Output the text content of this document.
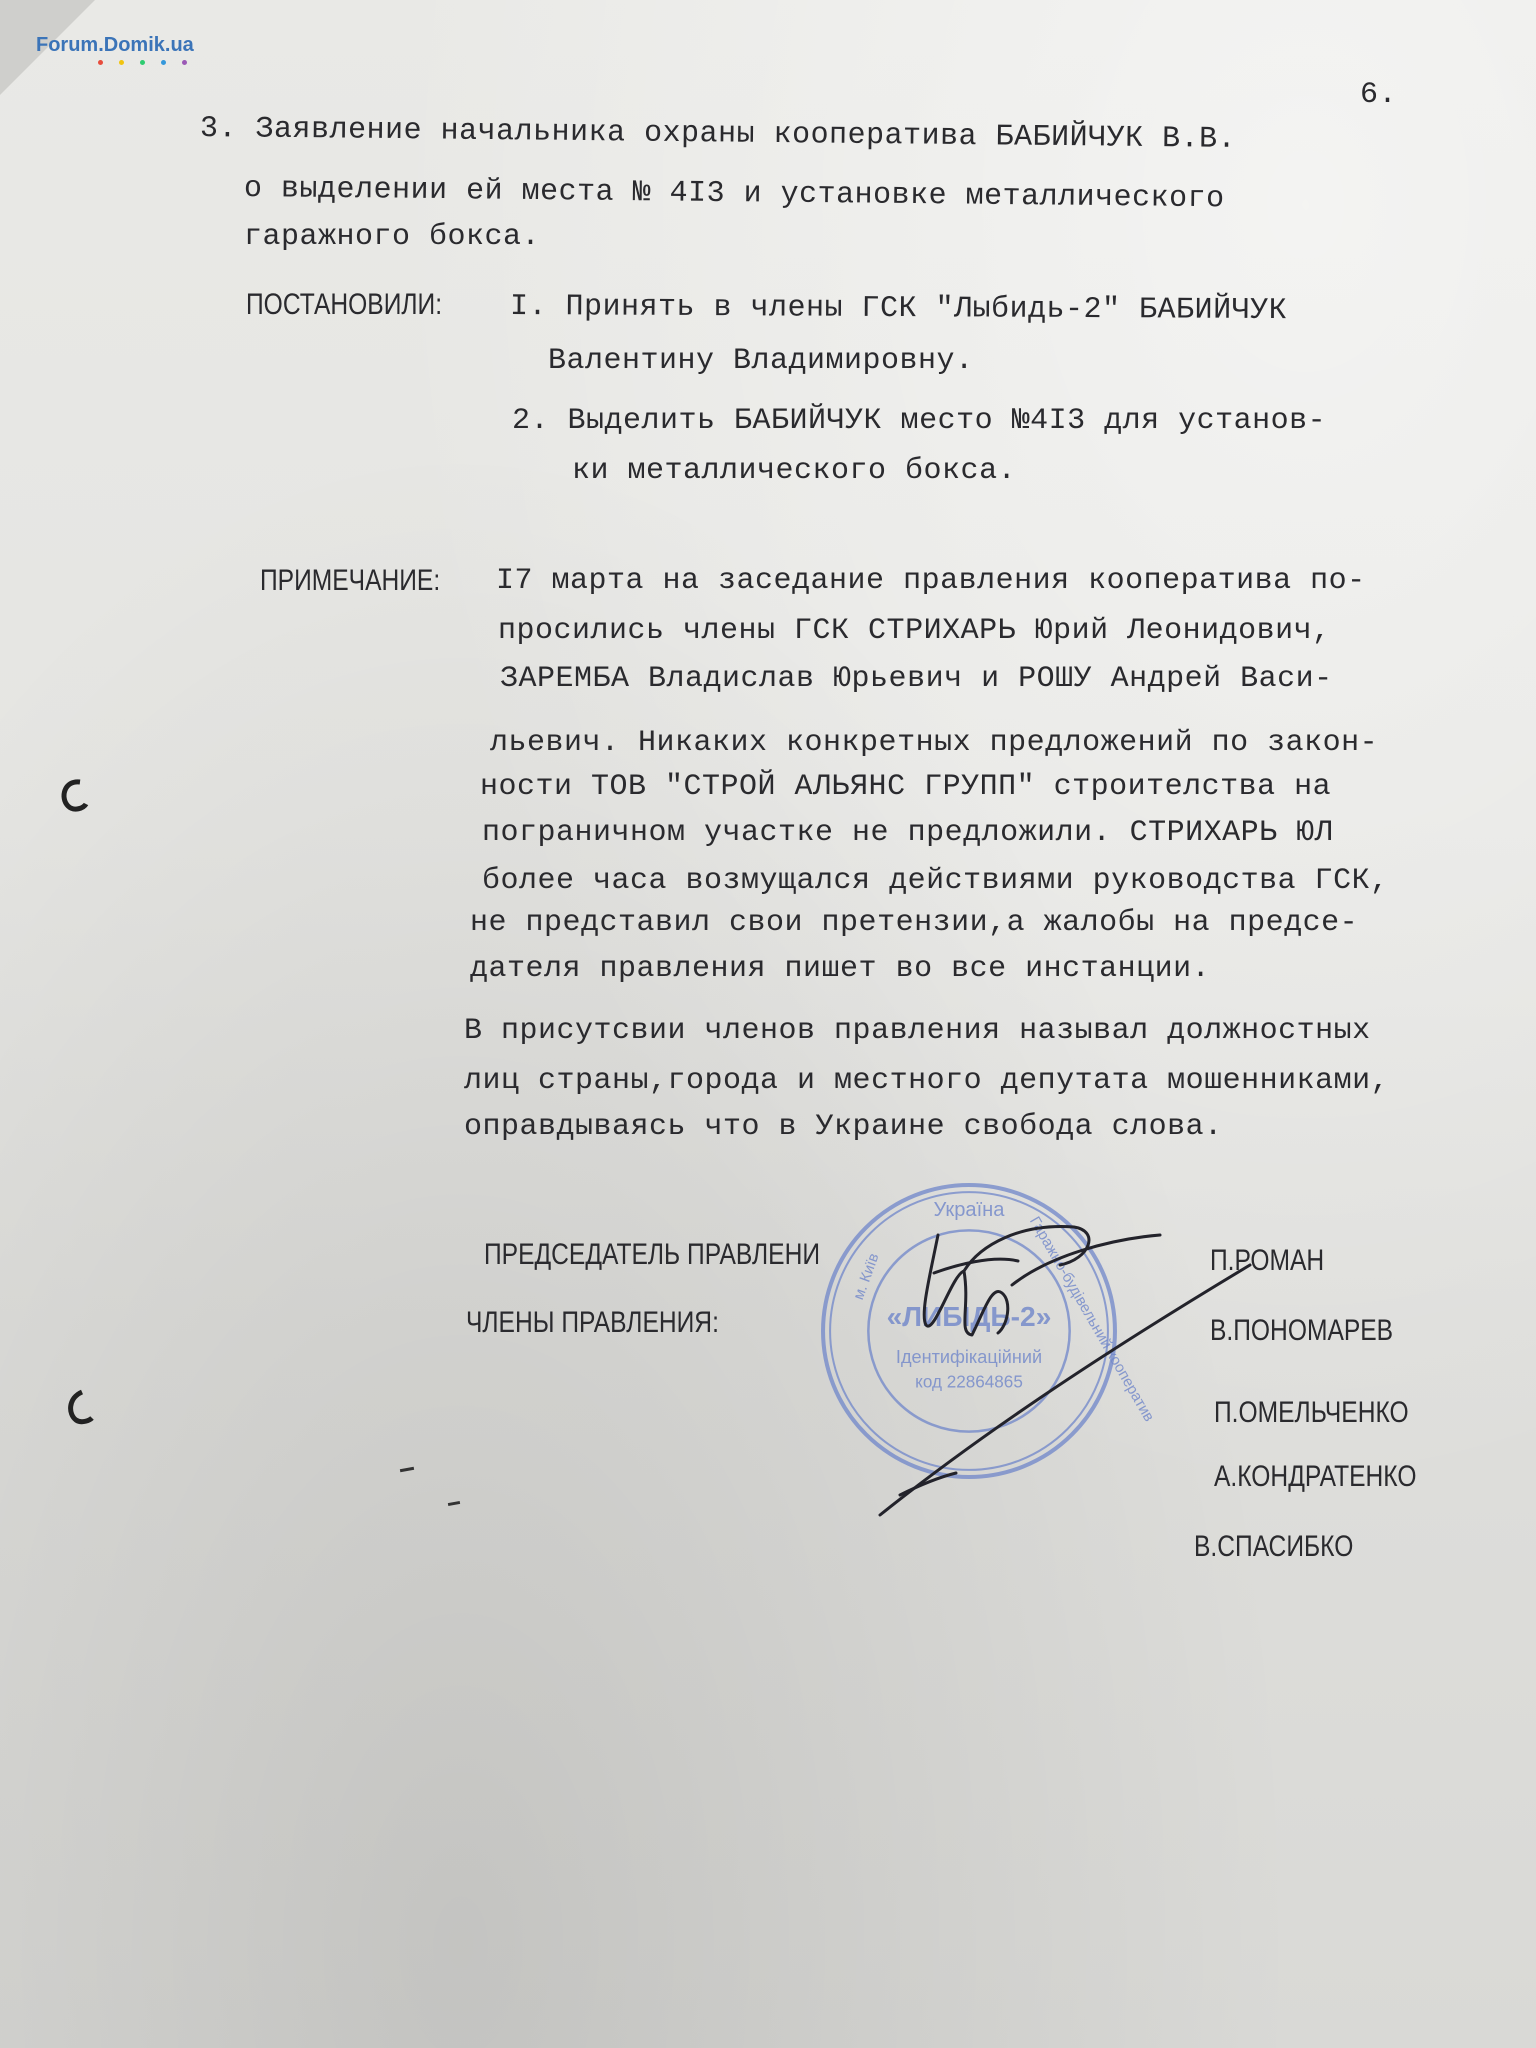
Forum.Domik.ua
6.
3. Заявление начальника охраны кооператива БАБИЙЧУК В.В.
о выделении ей места № 4I3 и установке металлического
гаражного бокса.
ПОСТАНОВИЛИ: I. Принять в члены ГСК "Лыбидь-2" БАБИЙЧУК
Валентину Владимировну.
2. Выделить БАБИЙЧУК место №4I3 для установ-
ки металлического бокса.
ПРИМЕЧАНИЕ: I7 марта на заседание правления кооператива по-
просились члены ГСК СТРИХАРЬ Юрий Леонидович,
ЗАРЕМБА Владислав Юрьевич и РОШУ Андрей Васи-
льевич. Никаких конкретных предложений по закон-
ности ТОВ "СТРОЙ АЛЬЯНС ГРУПП" строителства на
пограничном участке не предложили. СТРИХАРЬ ЮЛ
более часа возмущался действиями руководства ГСК,
не представил свои претензии,а жалобы на предсе-
дателя правления пишет во все инстанции.
В присутсвии членов правления называл должностных
лиц страны,города и местного депутата мошенниками,
оправдываясь что в Украине свобода слова.
Україна
м. Київ	Гаражно-будівельний кооператив
«ЛИБІДЬ-2»
Ідентифікаційний
код 22864865
ПРЕДСЕДАТЕЛЬ ПРАВЛЕНИ
ЧЛЕНЫ ПРАВЛЕНИЯ:
П.РОМАН
В.ПОНОМАРЕВ
П.ОМЕЛЬЧЕНКО
А.КОНДРАТЕНКО
В.СПАСИБКО
